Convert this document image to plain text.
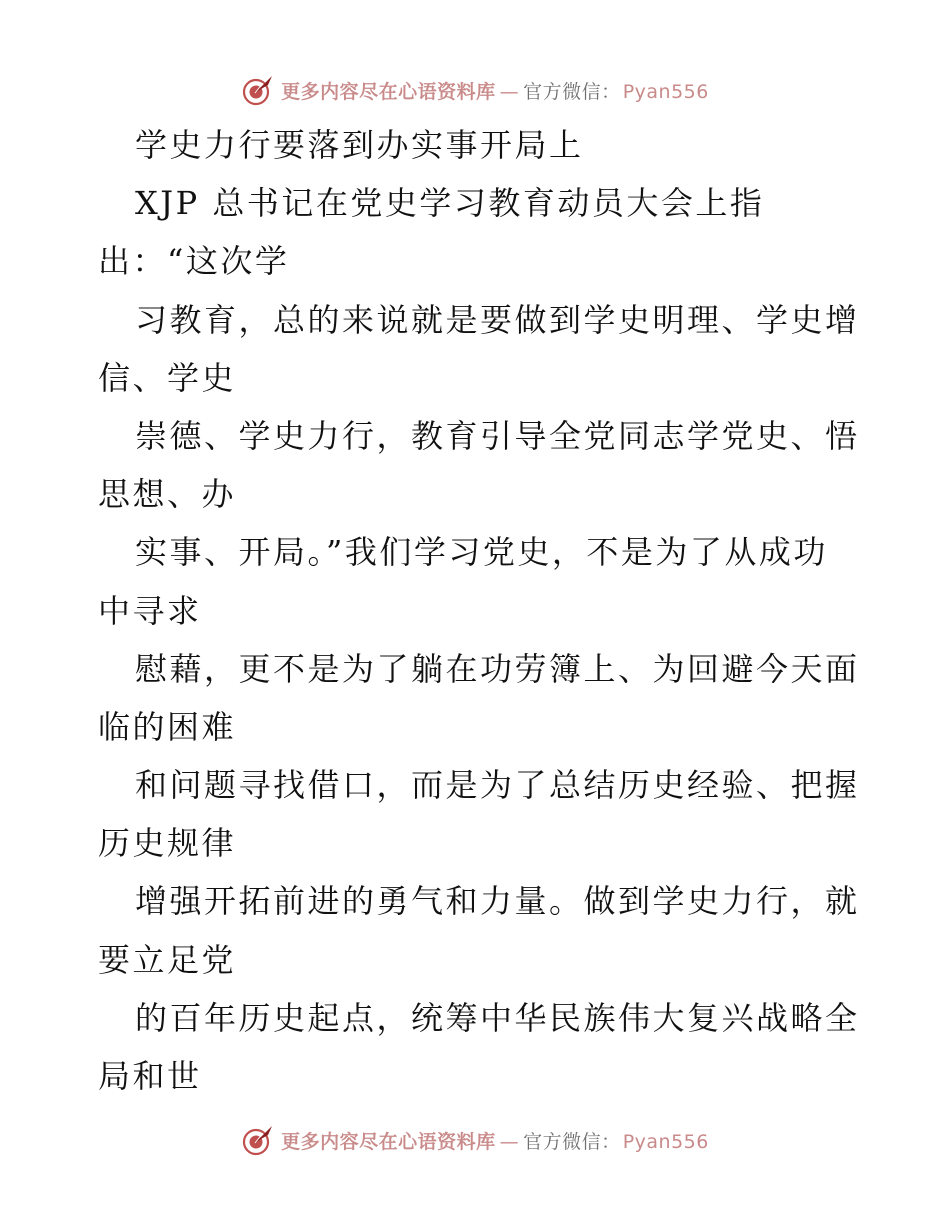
更多内容尽在心语资料库 — 官方微信： Pyan556
学史力行要落到办实事开局上
XJP 总书记在党史学习教育动员大会上指
出：“这次学
习教育，总的来说就是要做到学史明理、学史增
信、学史
崇德、学史力行，教育引导全党同志学党史、悟
思想、办
实事、开局。”我们学习党史，不是为了从成功
中寻求
慰藉，更不是为了躺在功劳簿上、为回避今天面
临的困难
和问题寻找借口，而是为了总结历史经验、把握
历史规律
增强开拓前进的勇气和力量。做到学史力行，就
要立足党
的百年历史起点，统筹中华民族伟大复兴战略全
局和世
更多内容尽在心语资料库 — 官方微信： Pyan556
